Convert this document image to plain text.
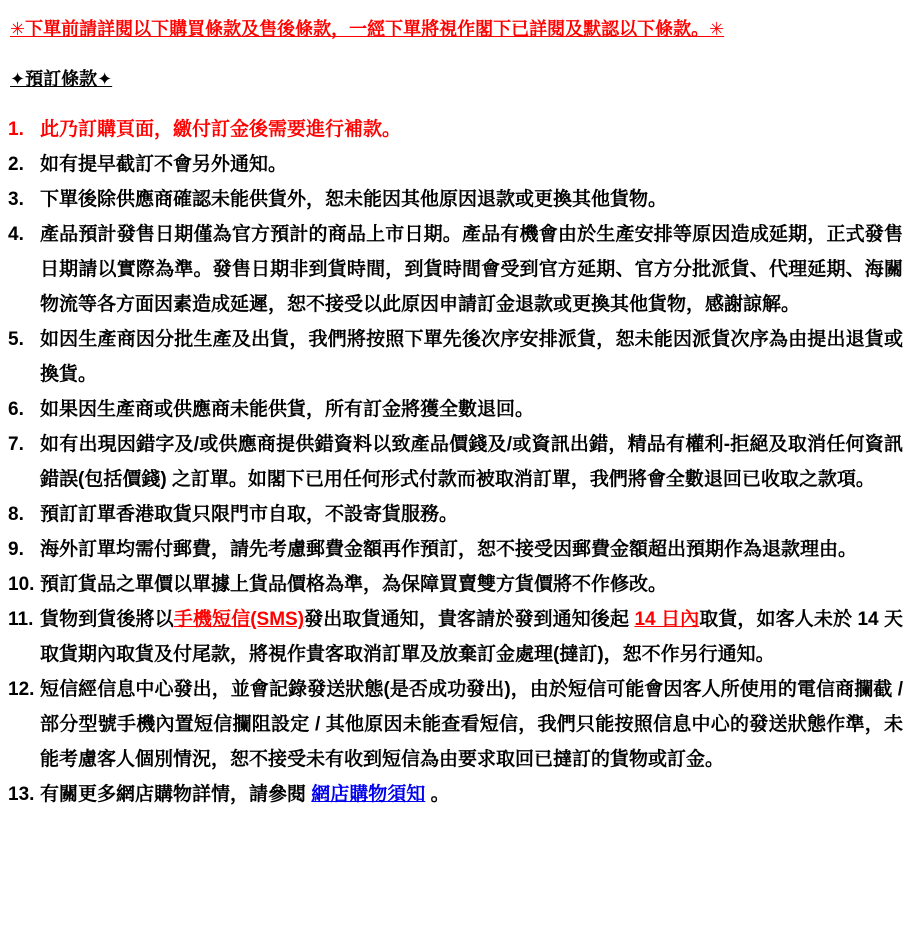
✳下單前請詳閱以下購買條款及售後條款，一經下單將視作閣下已詳閱及默認以下條款。✳
✦預訂條款✦
1. 此乃訂購頁面，繳付訂金後需要進行補款。
2. 如有提早截訂不會另外通知。
3. 下單後除供應商確認未能供貨外，恕未能因其他原因退款或更換其他貨物。
4. 產品預計發售日期僅為官方預計的商品上市日期。產品有機會由於生產安排等原因造成延期，正式發售日期請以實際為準。發售日期非到貨時間，到貨時間會受到官方延期、官方分批派貨、代理延期、海關物流等各方面因素造成延遲，恕不接受以此原因申請訂金退款或更換其他貨物，感謝諒解。
5. 如因生產商因分批生產及出貨，我們將按照下單先後次序安排派貨，恕未能因派貨次序為由提出退貨或換貨。
6. 如果因生產商或供應商未能供貨，所有訂金將獲全數退回。
7. 如有出現因錯字及/或供應商提供錯資料以致產品價錢及/或資訊出錯，精品有權利-拒絕及取消任何資訊錯誤(包括價錢) 之訂單。如閣下已用任何形式付款而被取消訂單，我們將會全數退回已收取之款項。
8. 預訂訂單香港取貨只限門市自取，不設寄貨服務。
9. 海外訂單均需付郵費，請先考慮郵費金額再作預訂，恕不接受因郵費金額超出預期作為退款理由。
10. 預訂貨品之單價以單據上貨品價格為準，為保障買賣雙方貨價將不作修改。
11. 貨物到貨後將以手機短信(SMS)發出取貨通知，貴客請於發到通知後起 14 日內取貨，如客人未於 14 天取貨期內取貨及付尾款，將視作貴客取消訂單及放棄訂金處理(撻訂)，恕不作另行通知。
12. 短信經信息中心發出，並會記錄發送狀態(是否成功發出)，由於短信可能會因客人所使用的電信商攔截 / 部分型號手機內置短信攔阻設定 / 其他原因未能查看短信，我們只能按照信息中心的發送狀態作準，未能考慮客人個別情況，恕不接受未有收到短信為由要求取回已撻訂的貨物或訂金。
13. 有關更多網店購物詳情，請參閱 網店購物須知 。
